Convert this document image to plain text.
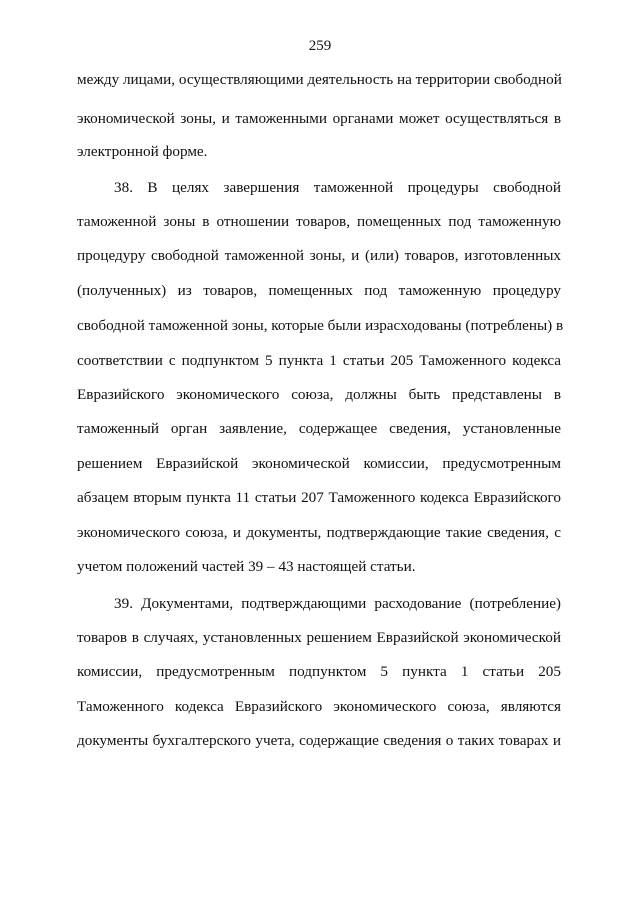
259
между лицами, осуществляющими деятельность на территории свободной
экономической зоны, и таможенными органами может осуществляться в
электронной форме.
38. В целях завершения таможенной процедуры свободной
таможенной зоны в отношении товаров, помещенных под таможенную
процедуру свободной таможенной зоны, и (или) товаров, изготовленных
(полученных) из товаров, помещенных под таможенную процедуру
свободной таможенной зоны, которые были израсходованы (потреблены) в
соответствии с подпунктом 5 пункта 1 статьи 205 Таможенного кодекса
Евразийского экономического союза, должны быть представлены в
таможенный орган заявление, содержащее сведения, установленные
решением Евразийской экономической комиссии, предусмотренным
абзацем вторым пункта 11 статьи 207 Таможенного кодекса Евразийского
экономического союза, и документы, подтверждающие такие сведения, с
учетом положений частей 39 – 43 настоящей статьи.
39. Документами, подтверждающими расходование (потребление)
товаров в случаях, установленных решением Евразийской экономической
комиссии, предусмотренным подпунктом 5 пункта 1 статьи 205
Таможенного кодекса Евразийского экономического союза, являются
документы бухгалтерского учета, содержащие сведения о таких товарах и
